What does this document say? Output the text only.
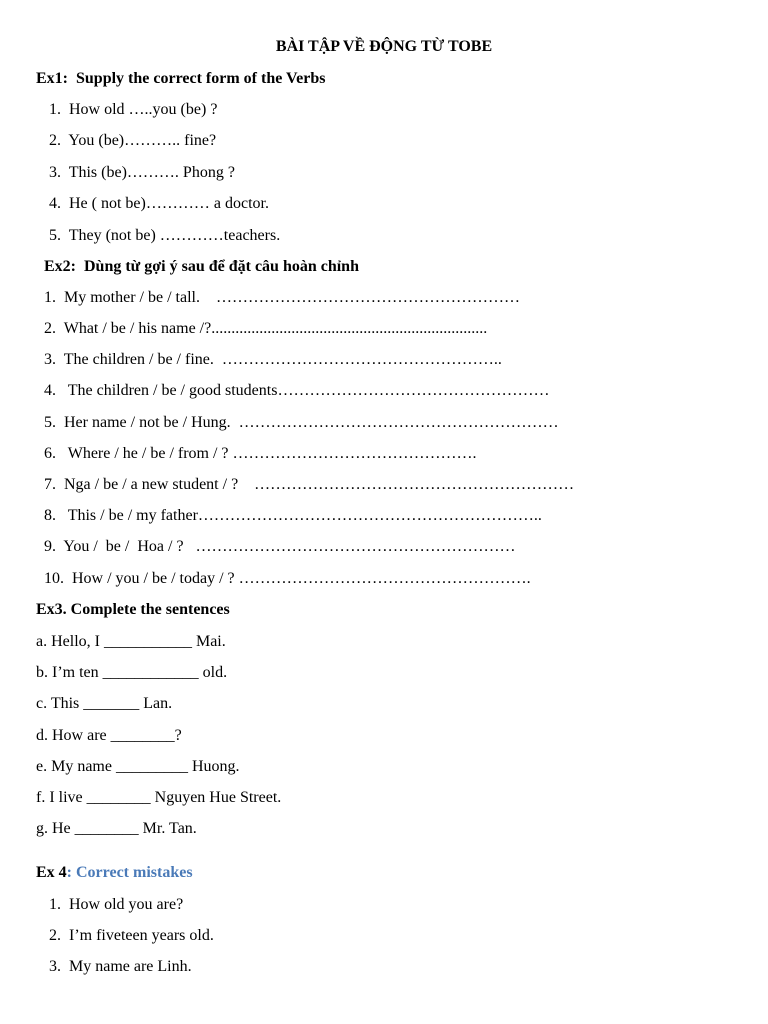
BÀI TẬP VỀ ĐỘNG TỪ TOBE
Ex1:  Supply the correct form of the Verbs
1.  How old …..you (be) ?
2.  You (be)……….. fine?
3.  This (be)………. Phong ?
4.  He ( not be)………… a doctor.
5.  They (not be) …………teachers.
Ex2:  Dùng từ gợi ý sau để đặt câu hoàn chỉnh
1.  My mother / be / tall.    …………………………………………………
2.  What / be / his name /?.....................................................................
3.  The children / be / fine.  ……………………………………………..
4.   The children / be / good students……………………………………………
5.  Her name / not be / Hung.  ……………………………………………………
6.   Where / he / be / from / ? ……………………………………….
7.  Nga / be / a new student / ?    ……………………………………………………
8.   This / be / my father………………………………………………………..
9.  You /  be /  Hoa / ?   ……………………………………………………
10.  How / you / be / today / ? ……………………………………………….
Ex3. Complete the sentences
a. Hello, I ___________ Mai.
b. I’m ten ____________ old.
c. This _______ Lan.
d. How are ________?
e. My name _________ Huong.
f. I live ________ Nguyen Hue Street.
g. He ________ Mr. Tan.
Ex 4: Correct mistakes
1.  How old you are?
2.  I’m fiveteen years old.
3.  My name are Linh.
